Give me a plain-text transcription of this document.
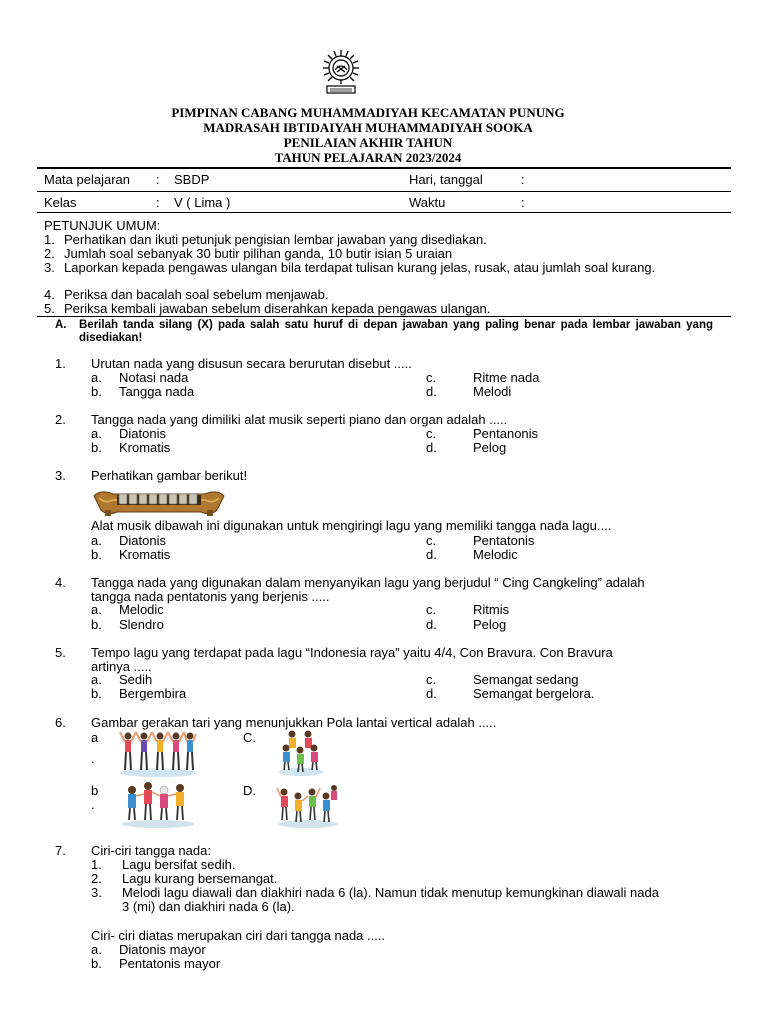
PIMPINAN CABANG MUHAMMADIYAH KECAMATAN PUNUNG
MADRASAH IBTIDAIYAH MUHAMMADIYAH SOOKA
PENILAIAN AKHIR TAHUN
TAHUN PELAJARAN 2023/2024
Mata pelajaran : SBDP	Hari, tanggal	:
Kelas	: V ( Lima )	Waktu	:
PETUNJUK UMUM:
1. Perhatikan dan ikuti petunjuk pengisian lembar jawaban yang disediakan.
2. Jumlah soal sebanyak 30 butir pilihan ganda, 10 butir isian 5 uraian
3. Laporkan kepada pengawas ulangan bila terdapat tulisan kurang jelas, rusak, atau jumlah soal kurang.
4. Periksa dan bacalah soal sebelum menjawab.
5. Periksa kembali jawaban sebelum diserahkan kepada pengawas ulangan.
A. Berilah tanda silang (X) pada salah satu huruf di depan jawaban yang paling benar pada lembar jawaban yang disediakan!
1. Urutan nada yang disusun secara berurutan disebut .....
a. Notasi nada	c.	Ritme nada
b. Tangga nada	d.	Melodi
2. Tangga nada yang dimiliki alat musik seperti piano dan organ adalah .....
a. Diatonis	c.	Pentanonis
b. Kromatis	d.	Pelog
3. Perhatikan gambar berikut!
Alat musik dibawah ini digunakan untuk mengiringi lagu yang memiliki tangga nada lagu....
a. Diatonis	c.	Pentatonis
b. Kromatis	d.	Melodic
4. Tangga nada yang digunakan dalam menyanyikan lagu yang berjudul “ Cing Cangkeling” adalah
tangga nada pentatonis yang berjenis .....
a. Melodic	c.	Ritmis
b. Slendro	d.	Pelog
5. Tempo lagu yang terdapat pada lagu “Indonesia raya” yaitu 4/4, Con Bravura. Con Bravura
artinya .....
a. Sedih	c.	Semangat sedang
b. Bergembira	d.	Semangat bergelora.
6. Gambar gerakan tari yang menunjukkan Pola lantai vertical adalah .....
a
.
C.
b
.
D.
7. Ciri-ciri tangga nada:
1. Lagu bersifat sedih.
2. Lagu kurang bersemangat.
3. Melodi lagu diawali dan diakhiri nada 6 (la). Namun tidak menutup kemungkinan diawali nada
3 (mi) dan diakhiri nada 6 (la).
Ciri- ciri diatas merupakan ciri dari tangga nada .....
a. Diatonis mayor
b. Pentatonis mayor
